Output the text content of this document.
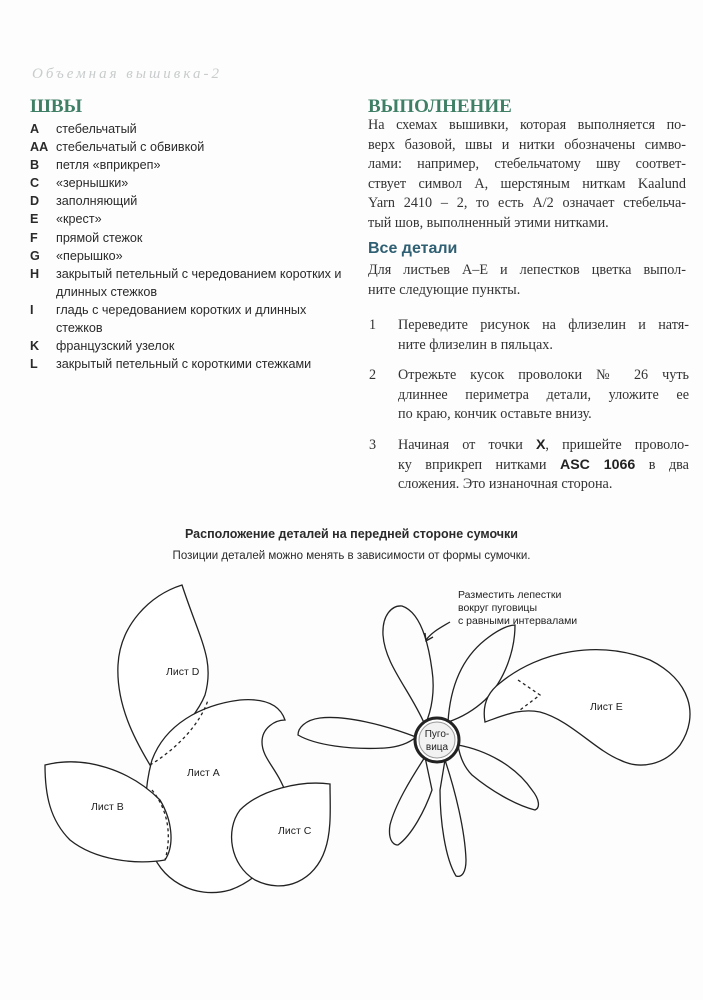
Объемная вышивка-2
ШВЫ
A	стебельчатый
AA стебельчатый с обвивкой
B	петля «вприкреп»
C	«зернышки»
D	заполняющий
E	«крест»
F	прямой стежок
G	«перышко»
H	закрытый петельный с чередованием коротких и длинных стежков
I	гладь с чередованием коротких и длинных стежков
K	французский узелок
L	закрытый петельный с короткими стежками
ВЫПОЛНЕНИЕ
На схемах вышивки, которая выполняется по-
верх базовой, швы и нитки обозначены симво-
лами: например, стебельчатому шву соответ-
ствует символ А, шерстяным ниткам Kaalund
Yarn 2410 – 2, то есть А/2 означает стебельча-
тый шов, выполненный этими нитками.
Все детали
Для листьев А–Е и лепестков цветка выпол-
ните следующие пункты.
1	Переведите рисунок на флизелин и натя-
ните флизелин в пяльцах.
2	Отрежьте кусок проволоки № 26 чуть
длиннее периметра детали, уложите ее
по краю, кончик оставьте внизу.
3	Начиная от точки X, пришейте проволо-
ку вприкреп нитками ASC 1066 в два
сложения. Это изнаночная сторона.
Расположение деталей на передней стороне сумочки
Позиции деталей можно менять в зависимости от формы сумочки.
Лист D
Лист А
Лист B
Лист C
Лист E
Пуго-
вица
Разместить лепестки
вокруг пуговицы
с равными интервалами
